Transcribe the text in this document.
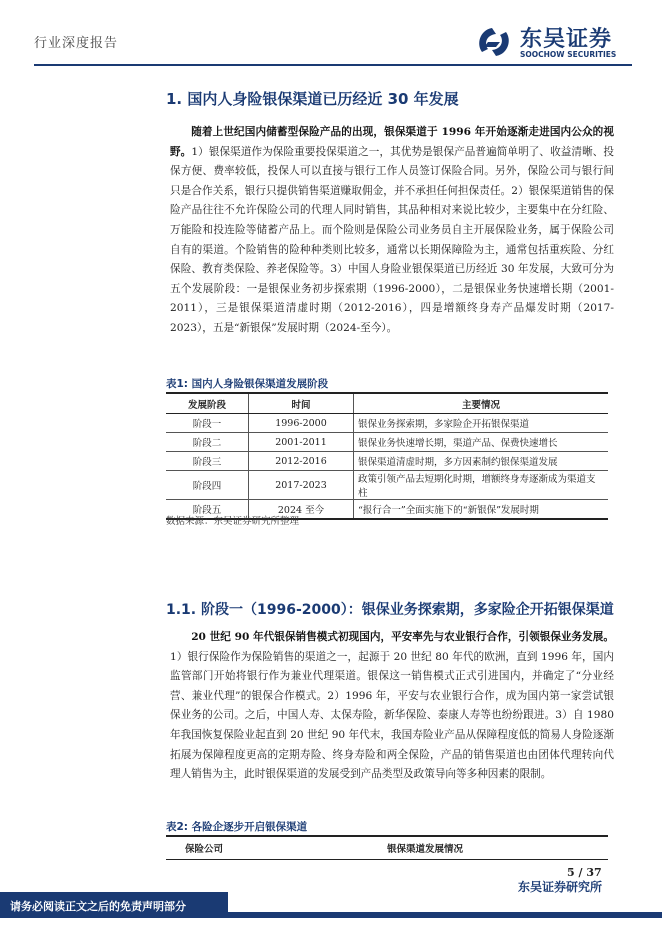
行业深度报告	东吴证券
SOOCHOW SECURITIES
1. 国内人身险银保渠道已历经近 30 年发展
随着上世纪国内储蓄型保险产品的出现，银保渠道于 1996 年开始逐渐走进国内公众的视野。1）银保渠道作为保险重要投保渠道之一，其优势是银保产品普遍简单明了、收益清晰、投保方便、费率较低，投保人可以直接与银行工作人员签订保险合同。另外，保险公司与银行间只是合作关系，银行只提供销售渠道赚取佣金，并不承担任何担保责任。2）银保渠道销售的保险产品往往不允许保险公司的代理人同时销售，其品种相对来说比较少，主要集中在分红险、万能险和投连险等储蓄产品上。而个险则是保险公司业务员自主开展保险业务，属于保险公司自有的渠道。个险销售的险种种类则比较多，通常以长期保障险为主，通常包括重疾险、分红保险、教育类保险、养老保险等。3）中国人身险业银保渠道已历经近 30 年发展，大致可分为五个发展阶段：一是银保业务初步探索期（1996-2000），二是银保业务快速增长期（2001-2011），三是银保渠道清虚时期（2012-2016），四是增额终身寿产品爆发时期（2017-2023），五是“新银保”发展时期（2024-至今）。
表1: 国内人身险银保渠道发展阶段
发展阶段	时间	主要情况
阶段一	1996-2000	银保业务探索期，多家险企开拓银保渠道
阶段二	2001-2011	银保业务快速增长期，渠道产品、保费快速增长
阶段三	2012-2016	银保渠道清虚时期，多方因素制约银保渠道发展
阶段四	2017-2023	政策引领产品去短期化时期，增额终身寿逐渐成为渠道支柱
阶段五	2024 至今	“报行合一”全面实施下的“新银保”发展时期
数据来源：东吴证券研究所整理
1.1. 阶段一（1996-2000）：银保业务探索期，多家险企开拓银保渠道
20 世纪 90 年代银保销售模式初现国内，平安率先与农业银行合作，引领银保业务发展。1）银行保险作为保险销售的渠道之一，起源于 20 世纪 80 年代的欧洲，直到 1996 年，国内监管部门开始将银行作为兼业代理渠道。银保这一销售模式正式引进国内，并确定了“分业经营、兼业代理”的银保合作模式。2）1996 年，平安与农业银行合作，成为国内第一家尝试银保业务的公司。之后，中国人寿、太保寿险，新华保险、泰康人寿等也纷纷跟进。3）自 1980 年我国恢复保险业起直到 20 世纪 90 年代末，我国寿险业产品从保障程度低的简易人身险逐渐拓展为保障程度更高的定期寿险、终身寿险和两全保险，产品的销售渠道也由团体代理转向代理人销售为主，此时银保渠道的发展受到产品类型及政策导向等多种因素的限制。
表2: 各险企逐步开启银保渠道
保险公司	银保渠道发展情况
5 / 37
东吴证券研究所
请务必阅读正文之后的免责声明部分
